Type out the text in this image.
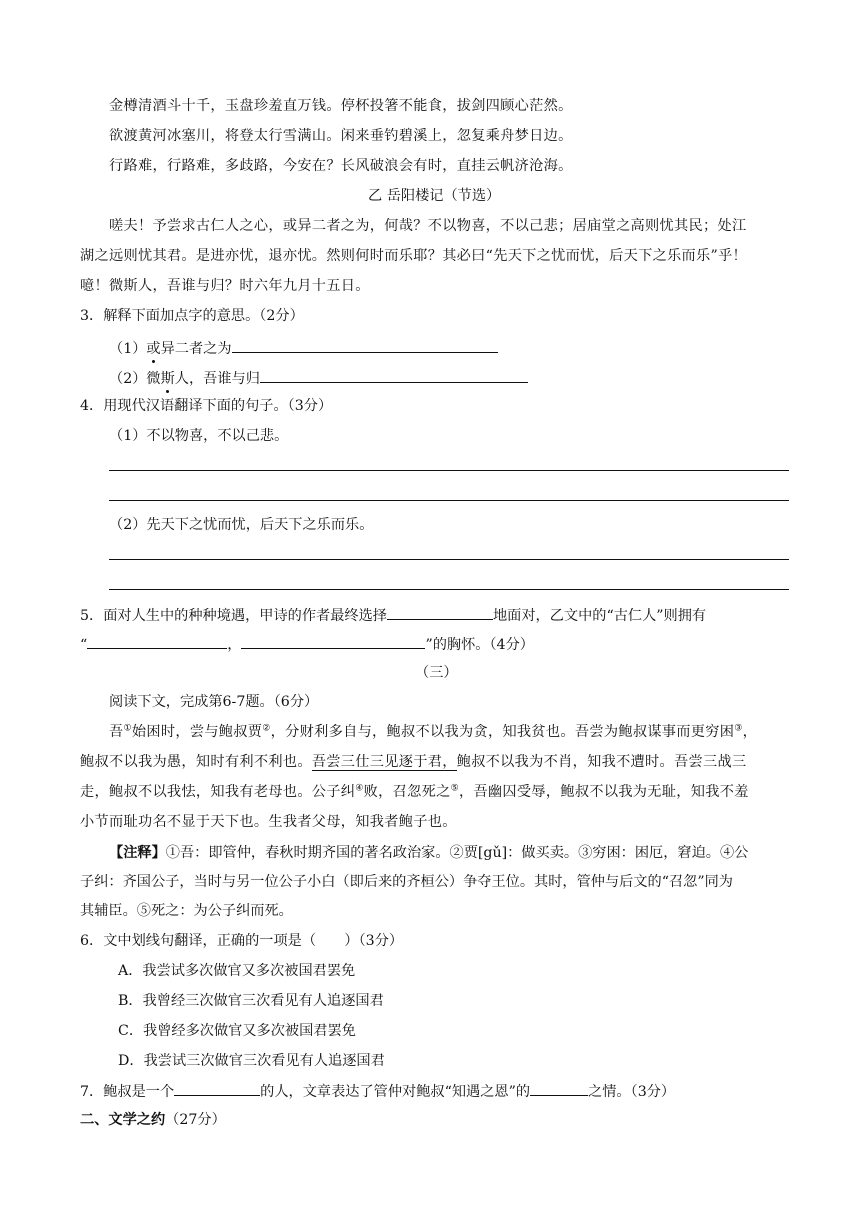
金樽清酒斗十千，玉盘珍羞直万钱。停杯投箸不能食，拔剑四顾心茫然。
欲渡黄河冰塞川，将登太行雪满山。闲来垂钓碧溪上，忽复乘舟梦日边。
行路难，行路难，多歧路，今安在？长风破浪会有时，直挂云帆济沧海。
乙 岳阳楼记（节选）
嗟夫！予尝求古仁人之心，或异二者之为，何哉？不以物喜，不以己悲；居庙堂之高则忧其民；处江
湖之远则忧其君。是进亦忧，退亦忧。然则何时而乐耶？其必曰“先天下之忧而忧，后天下之乐而乐”乎！
噫！微斯人，吾谁与归？时六年九月十五日。
3．解释下面加点字的意思。（2分）
（1）或异二者之为
（2）微斯人，吾谁与归
4．用现代汉语翻译下面的句子。（3分）
（1）不以物喜，不以己悲。
（2）先天下之忧而忧，后天下之乐而乐。
5．面对人生中的种种境遇，甲诗的作者最终选择	地面对，乙文中的“古仁人”则拥有
“	，	”的胸怀。（4分）
（三）
阅读下文，完成第6-7题。（6分）
吾①始困时，尝与鲍叔贾②，分财利多自与，鲍叔不以我为贪，知我贫也。吾尝为鲍叔谋事而更穷困③，
鲍叔不以我为愚，知时有利不利也。吾尝三仕三见逐于君，鲍叔不以我为不肖，知我不遭时。吾尝三战三
走，鲍叔不以我怯，知我有老母也。公子纠④败，召忽死之⑤，吾幽囚受辱，鲍叔不以我为无耻，知我不羞
小节而耻功名不显于天下也。生我者父母，知我者鲍子也。
【注释】①吾：即管仲，春秋时期齐国的著名政治家。②贾[gǔ]：做买卖。③穷困：困厄，窘迫。④公
子纠：齐国公子，当时与另一位公子小白（即后来的齐桓公）争夺王位。其时，管仲与后文的“召忽”同为
其辅臣。⑤死之：为公子纠而死。
6．文中划线句翻译，正确的一项是（　　）（3分）
A．我尝试多次做官又多次被国君罢免
B．我曾经三次做官三次看见有人追逐国君
C．我曾经多次做官又多次被国君罢免
D．我尝试三次做官三次看见有人追逐国君
7．鲍叔是一个	的人，文章表达了管仲对鲍叔“知遇之恩”的	之情。（3分）
二、文学之约（27分）
